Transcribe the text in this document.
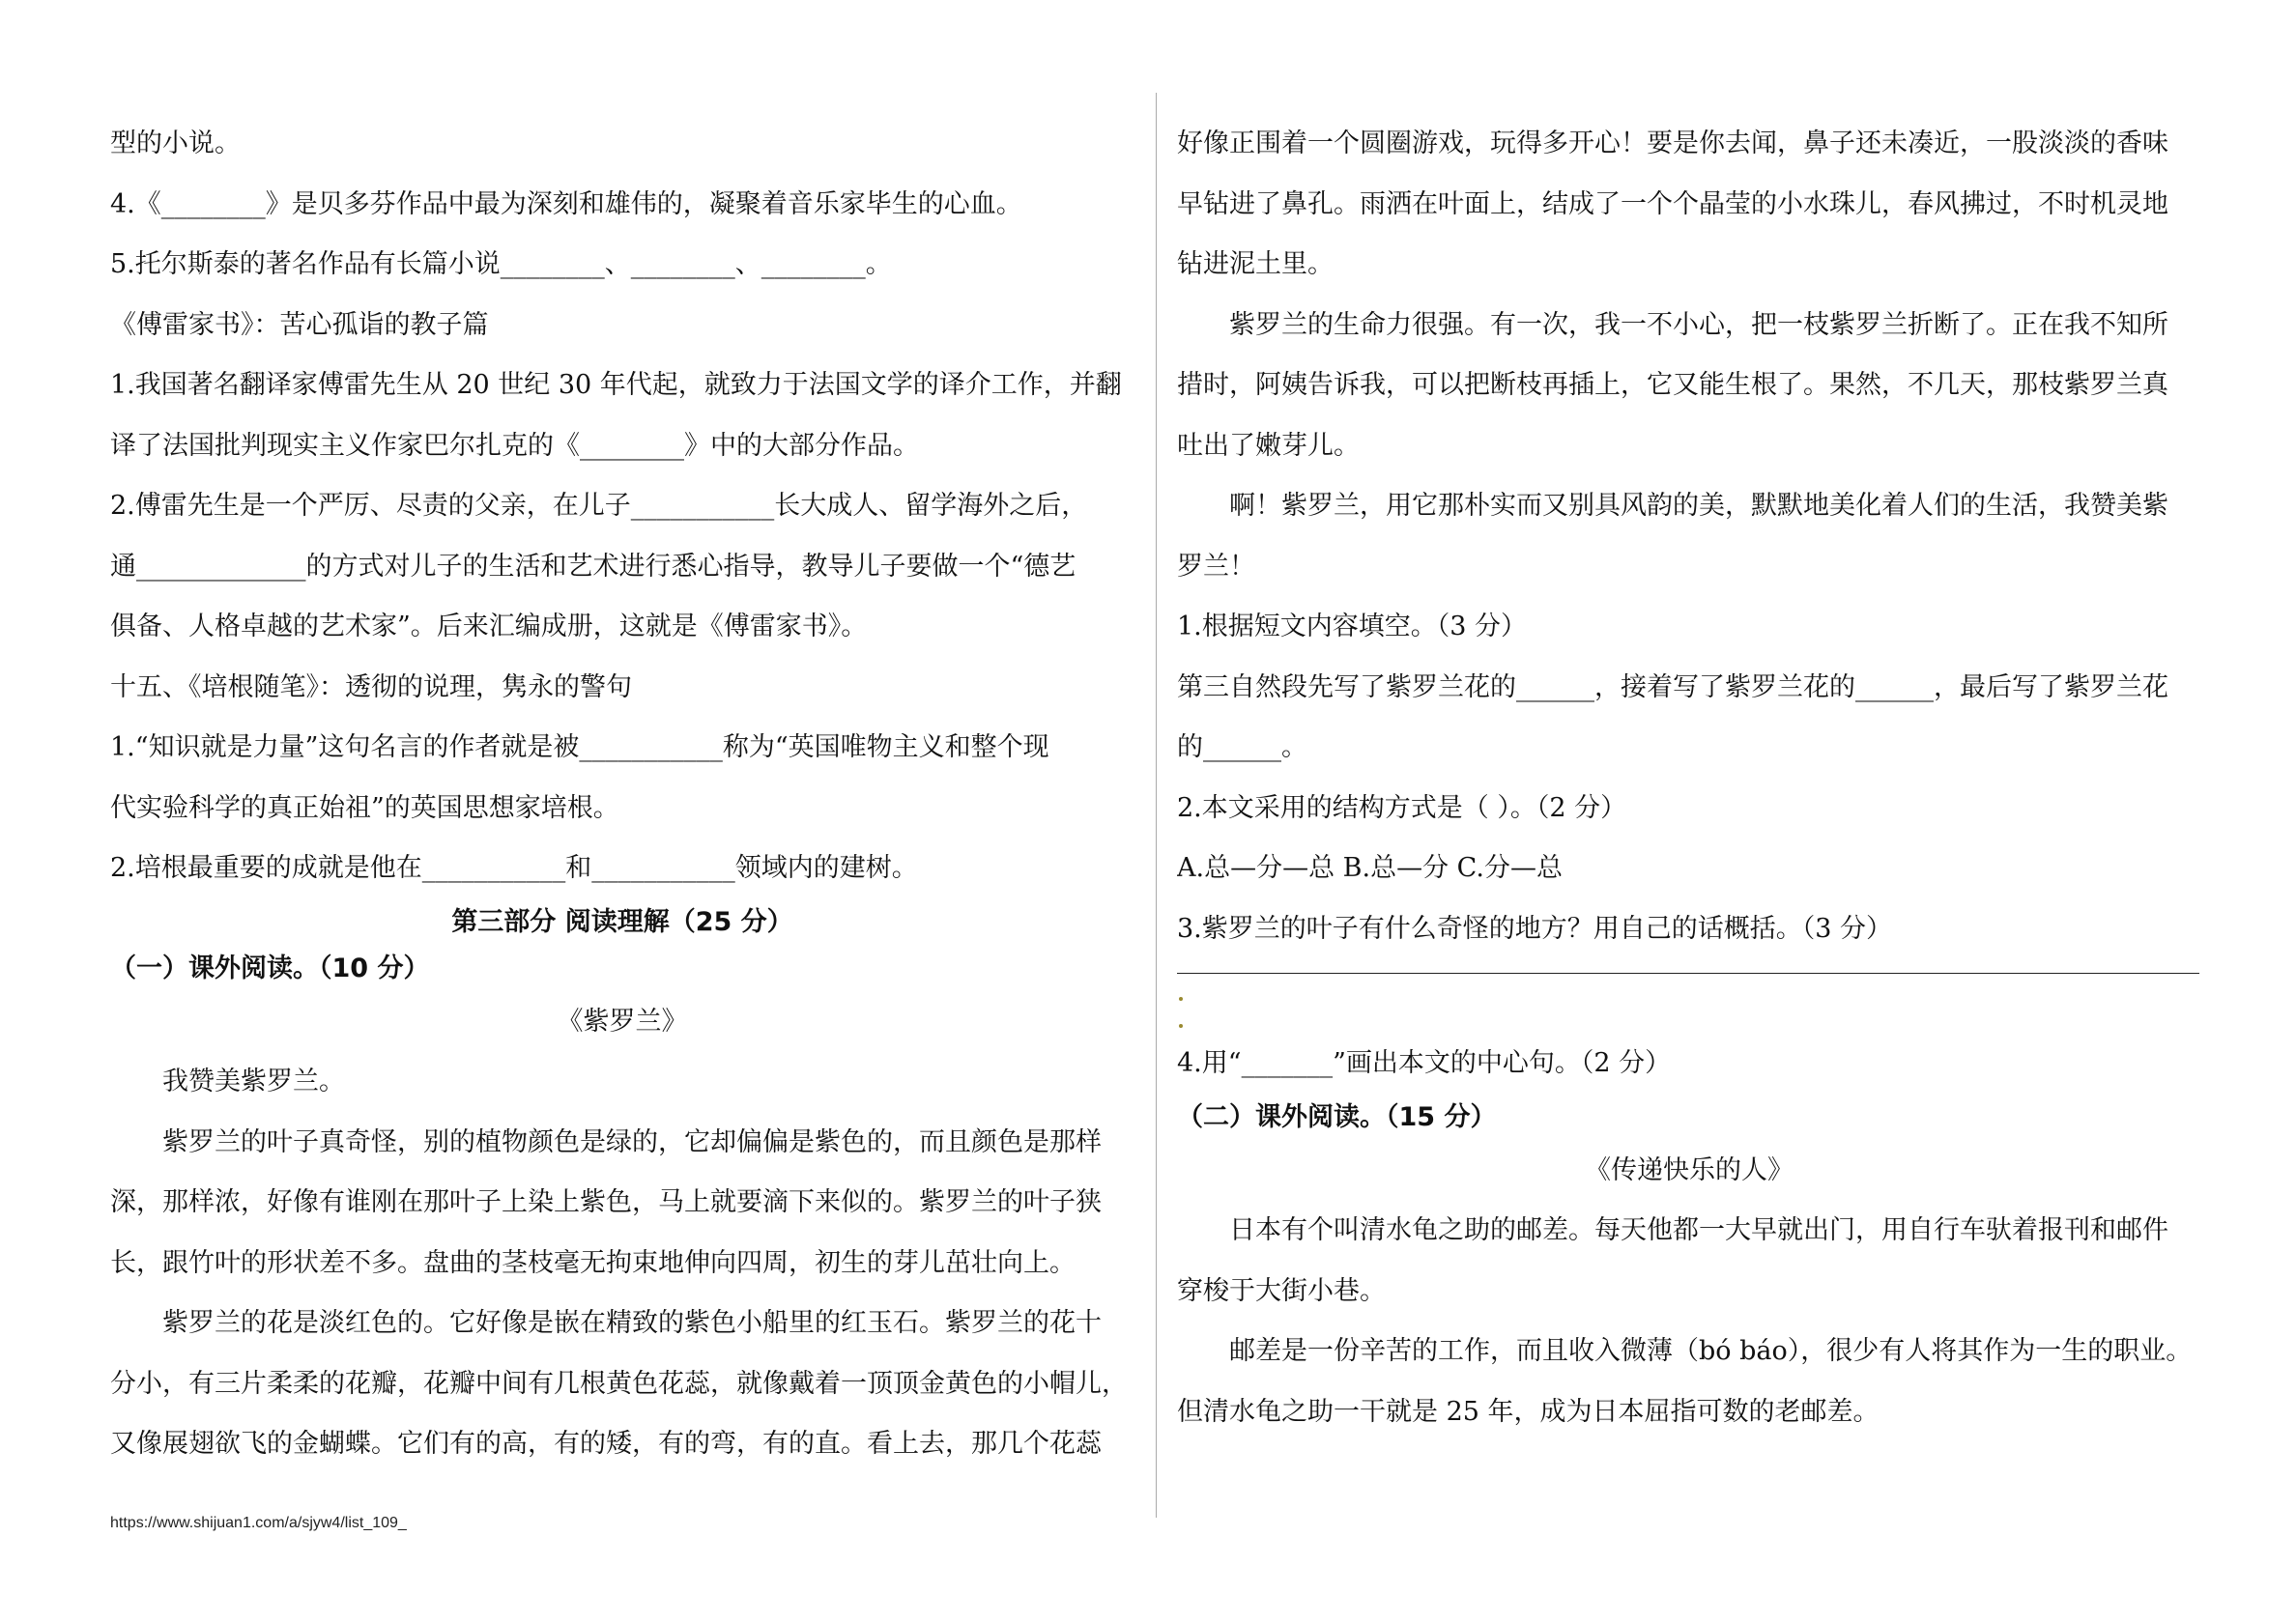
型的小说。
4.《________》是贝多芬作品中最为深刻和雄伟的，凝聚着音乐家毕生的心血。
5.托尔斯泰的著名作品有长篇小说________、________、________。
《傅雷家书》：苦心孤诣的教子篇
1.我国著名翻译家傅雷先生从 20 世纪 30 年代起，就致力于法国文学的译介工作，并翻
译了法国批判现实主义作家巴尔扎克的《________》中的大部分作品。
2.傅雷先生是一个严厉、尽责的父亲，在儿子___________长大成人、留学海外之后，
通_____________的方式对儿子的生活和艺术进行悉心指导，教导儿子要做一个“德艺
俱备、人格卓越的艺术家”。后来汇编成册，这就是《傅雷家书》。
十五、《培根随笔》：透彻的说理，隽永的警句
1.“知识就是力量”这句名言的作者就是被___________称为“英国唯物主义和整个现
代实验科学的真正始祖”的英国思想家培根。
2.培根最重要的成就是他在___________和___________领域内的建树。
第三部分 阅读理解（25 分）
（一）课外阅读。（10 分）
《紫罗兰》
我赞美紫罗兰。
紫罗兰的叶子真奇怪，别的植物颜色是绿的，它却偏偏是紫色的，而且颜色是那样
深，那样浓，好像有谁刚在那叶子上染上紫色，马上就要滴下来似的。紫罗兰的叶子狭
长，跟竹叶的形状差不多。盘曲的茎枝毫无拘束地伸向四周，初生的芽儿茁壮向上。
紫罗兰的花是淡红色的。它好像是嵌在精致的紫色小船里的红玉石。紫罗兰的花十
分小，有三片柔柔的花瓣，花瓣中间有几根黄色花蕊，就像戴着一顶顶金黄色的小帽儿，
又像展翅欲飞的金蝴蝶。它们有的高，有的矮，有的弯，有的直。看上去，那几个花蕊
好像正围着一个圆圈游戏，玩得多开心！要是你去闻，鼻子还未凑近，一股淡淡的香味
早钻进了鼻孔。雨洒在叶面上，结成了一个个晶莹的小水珠儿，春风拂过，不时机灵地
钻进泥土里。
紫罗兰的生命力很强。有一次，我一不小心，把一枝紫罗兰折断了。正在我不知所
措时，阿姨告诉我，可以把断枝再插上，它又能生根了。果然，不几天，那枝紫罗兰真
吐出了嫩芽儿。
啊！紫罗兰，用它那朴实而又别具风韵的美，默默地美化着人们的生活，我赞美紫
罗兰！
1.根据短文内容填空。（3 分）
第三自然段先写了紫罗兰花的______，接着写了紫罗兰花的______，最后写了紫罗兰花
的______。
2.本文采用的结构方式是（ ）。（2 分）
A.总—分—总 B.总—分 C.分—总
3.紫罗兰的叶子有什么奇怪的地方？用自己的话概括。（3 分）
4.用“_______”画出本文的中心句。（2 分）
（二）课外阅读。（15 分）
《传递快乐的人》
日本有个叫清水龟之助的邮差。每天他都一大早就出门，用自行车驮着报刊和邮件
穿梭于大街小巷。
邮差是一份辛苦的工作，而且收入微薄（bó báo），很少有人将其作为一生的职业。
但清水龟之助一干就是 25 年，成为日本屈指可数的老邮差。
https://www.shijuan1.com/a/sjyw4/list_109_
